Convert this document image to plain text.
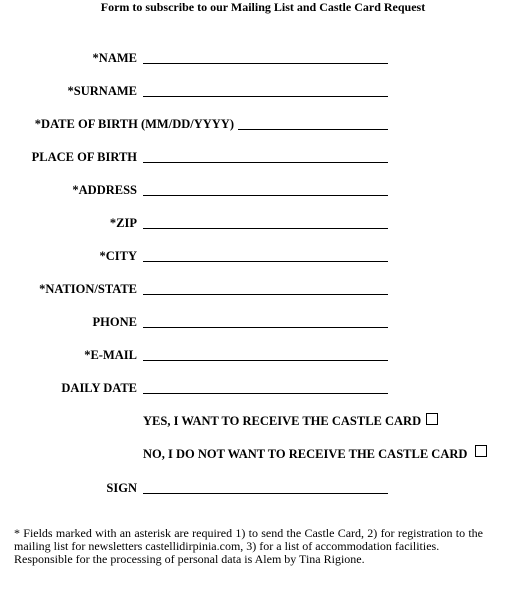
Form to subscribe to our Mailing List and Castle Card Request
*NAME
*SURNAME
*DATE OF BIRTH (MM/DD/YYYY)
PLACE OF BIRTH
*ADDRESS
*ZIP
*CITY
*NATION/STATE
PHONE
*E-MAIL
DAILY DATE
YES, I WANT TO RECEIVE THE CASTLE CARD
NO, I DO NOT WANT TO RECEIVE THE CASTLE CARD
SIGN

* Fields marked with an asterisk are required 1) to send the Castle Card, 2) for registration to the mailing list for newsletters castellidirpinia.com, 3) for a list of accommodation facilities.

Responsible for the processing of personal data is Alem by Tina Rigione.
